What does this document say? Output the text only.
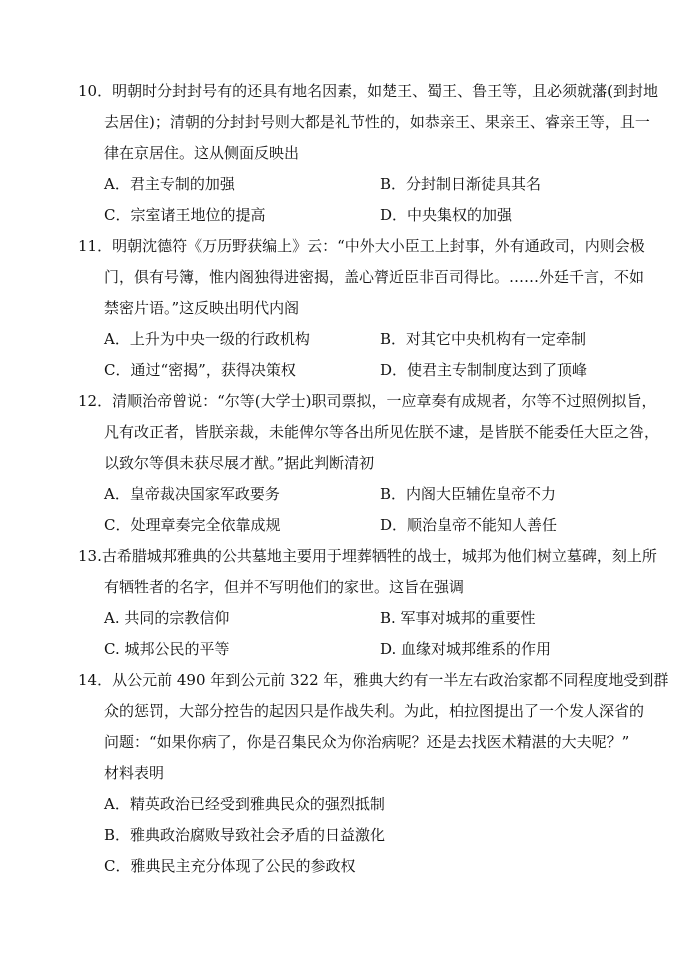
10．明朝时分封封号有的还具有地名因素，如楚王、蜀王、鲁王等，且必须就藩(到封地
去居住)；清朝的分封封号则大都是礼节性的，如恭亲王、果亲王、睿亲王等，且一
律在京居住。这从侧面反映出
A．君主专制的加强	B．分封制日渐徒具其名
C．宗室诸王地位的提高	D．中央集权的加强
11．明朝沈德符《万历野获编上》云：“中外大小臣工上封事，外有通政司，内则会极
门，俱有号簿，惟内阁独得进密揭，盖心膂近臣非百司得比。……外廷千言，不如
禁密片语。”这反映出明代内阁
A．上升为中央一级的行政机构	B．对其它中央机构有一定牵制
C．通过“密揭”，获得决策权	D．使君主专制制度达到了顶峰
12．清顺治帝曾说：“尔等(大学士)职司票拟，一应章奏有成规者，尔等不过照例拟旨，
凡有改正者，皆朕亲裁，未能俾尔等各出所见佐朕不逮，是皆朕不能委任大臣之咎，
以致尔等俱未获尽展才猷。”据此判断清初
A．皇帝裁决国家军政要务	B．内阁大臣辅佐皇帝不力
C．处理章奏完全依靠成规	D．顺治皇帝不能知人善任
13.古希腊城邦雅典的公共墓地主要用于埋葬牺牲的战士，城邦为他们树立墓碑，刻上所
有牺牲者的名字，但并不写明他们的家世。这旨在强调
A. 共同的宗教信仰	B. 军事对城邦的重要性
C. 城邦公民的平等	D. 血缘对城邦维系的作用
14．从公元前 490 年到公元前 322 年，雅典大约有一半左右政治家都不同程度地受到群
众的惩罚，大部分控告的起因只是作战失利。为此，柏拉图提出了一个发人深省的
问题：“如果你病了，你是召集民众为你治病呢？还是去找医术精湛的大夫呢？”
材料表明
A．精英政治已经受到雅典民众的强烈抵制
B．雅典政治腐败导致社会矛盾的日益激化
C．雅典民主充分体现了公民的参政权
